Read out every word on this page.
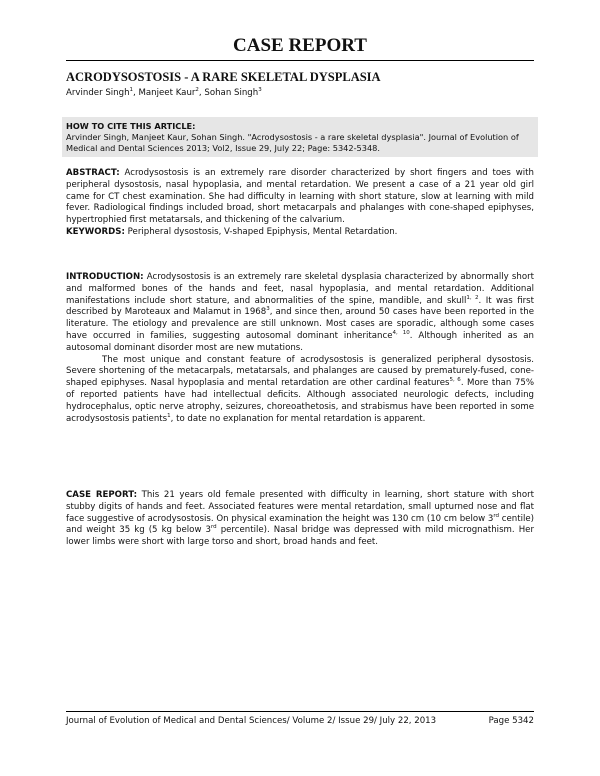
CASE REPORT
ACRODYSOSTOSIS - A RARE SKELETAL DYSPLASIA
Arvinder Singh$^1$, Manjeet Kaur$^2$, Sohan Singh$^3$
HOW TO CITE THIS ARTICLE:
Arvinder Singh, Manjeet Kaur, Sohan Singh. "Acrodysostosis - a rare skeletal dysplasia". Journal of Evolution of Medical and Dental Sciences 2013; Vol2, Issue 29, July 22; Page: 5342-5348.

ABSTRACT: Acrodysostosis is an extremely rare disorder characterized by short fingers and toes with peripheral dysostosis, nasal hypoplasia, and mental retardation. We present a case of a 21 year old girl came for CT chest examination. She had difficulty in learning with short stature, slow at learning with mild fever. Radiological findings included broad, short metacarpals and phalanges with cone-shaped epiphyses, hypertrophied first metatarsals, and thickening of the calvarium.

KEYWORDS: Peripheral dysostosis, V-shaped Epiphysis, Mental Retardation.

INTRODUCTION: Acrodysostosis is an extremely rare skeletal dysplasia characterized by abnormally short and malformed bones of the hands and feet, nasal hypoplasia, and mental retardation. Additional manifestations include short stature, and abnormalities of the spine, mandible, and skull$^{1, 2}$. It was first described by Maroteaux and Malamut in 1968$^3$, and since then, around 50 cases have been reported in the literature. The etiology and prevalence are still unknown. Most cases are sporadic, although some cases have occurred in families, suggesting autosomal dominant inheritance$^{4, 10}$. Although inherited as an autosomal dominant disorder most are new mutations.

The most unique and constant feature of acrodysostosis is generalized peripheral dysostosis. Severe shortening of the metacarpals, metatarsals, and phalanges are caused by prematurely-fused, cone-shaped epiphyses. Nasal hypoplasia and mental retardation are other cardinal features$^{5, 6}$. More than 75% of reported patients have had intellectual deficits. Although associated neurologic defects, including hydrocephalus, optic nerve atrophy, seizures, choreoathetosis, and strabismus have been reported in some acrodysostosis patients$^1$, to date no explanation for mental retardation is apparent.

CASE REPORT: This 21 years old female presented with difficulty in learning, short stature with short stubby digits of hands and feet. Associated features were mental retardation, small upturned nose and flat face suggestive of acrodysostosis. On physical examination the height was 130 cm (10 cm below 3rd centile) and weight 35 kg (5 kg below 3rd percentile). Nasal bridge was depressed with mild micrognathism. Her lower limbs were short with large torso and short, broad hands and feet.

Journal of Evolution of Medical and Dental Sciences/ Volume 2/ Issue 29/ July 22, 2013	Page 5342
